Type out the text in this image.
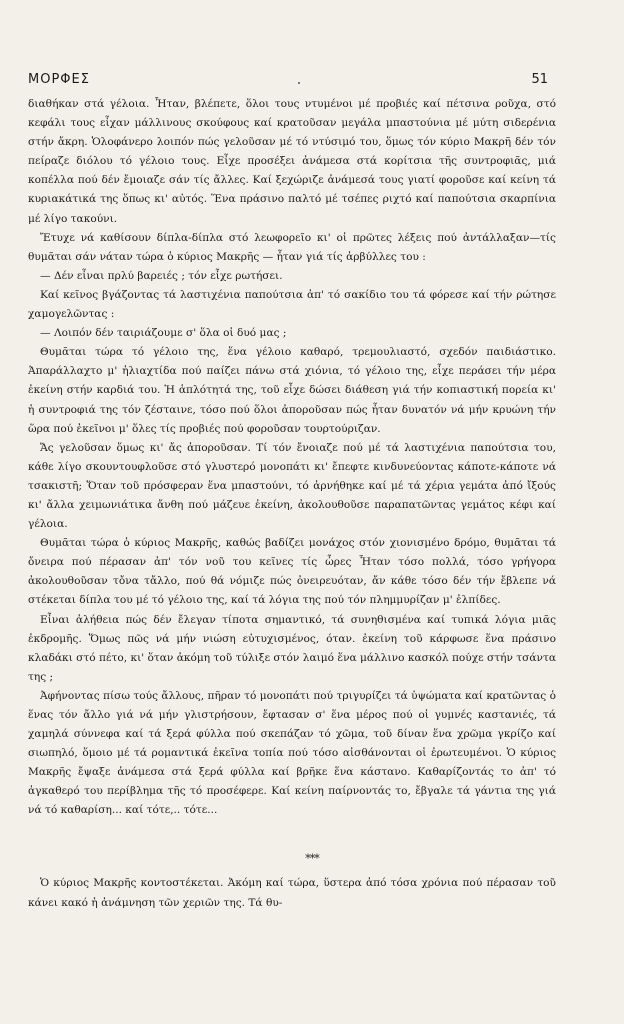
ΜΟΡΦΕΣ	51

διαθήκαν στά γέλοια. Ἦταν, βλέπετε, ὅλοι τους ντυμένοι μέ προβιές καί πέτσινα ροῦχα, στό κεφάλι τους εἶχαν μάλλινους σκούφους καί κρατοῦσαν μεγάλα μπαστούνια μέ μύτη σιδερένια στήν ἄκρη. Ὁλοφάνερο λοιπόν πώς γελοῦσαν μέ τό ντύσιμό του, ὅμως τόν κύριο Μακρῆ δέν τόν πείραζε διόλου τό γέλοιο τους. Εἶχε προσέξει ἀνάμεσα στά κορίτσια τῆς συντροφιᾶς, μιά κοπέλλα πού δέν ἔμοιαζε σάν τίς ἄλλες. Καί ξεχώριζε ἀνάμεσά τους γιατί φοροῦσε καί κείνη τά κυριακάτικά της ὅπως κι' αὐτός. Ἕνα πράσινο παλτό μέ τσέπες ριχτό καί παπούτσια σκαρπίνια μέ λίγο τακούνι.

Ἔτυχε νά καθίσουν δίπλα-δίπλα στό λεωφορεῖο κι' οἱ πρῶτες λέξεις πού ἀντάλλαξαν—τίς θυμᾶται σάν νάταν τώρα ὁ κύριος Μακρῆς — ἦταν γιά τίς ἀρβύλλες του :

— Δέν εἶναι πρλύ βαρειές ; τόν εἶχε ρωτήσει.

Καί κεῖνος βγάζοντας τά λαστιχένια παπούτσια ἀπ' τό σακίδιο του τά φόρεσε καί τήν ρώτησε χαμογελῶντας :

— Λοιπόν δέν ταιριάζουμε σ' ὅλα οἱ δυό μας ;

Θυμᾶται τώρα τό γέλοιο της, ἕνα γέλοιο καθαρό, τρεμουλιαστό, σχεδόν παιδιάστικο. Ἀπαράλλαχτο μ' ἡλιαχτίδα πού παίζει πάνω στά χιόνια, τό γέλοιο της, εἶχε περάσει τήν μέρα ἐκείνη στήν καρδιά του. Ἡ ἁπλότητά της, τοῦ εἶχε δώσει διάθεση γιά τήν κοπιαστική πορεία κι' ἡ συντροφιά της τόν ζέσταινε, τόσο πού ὅλοι ἀποροῦσαν πώς ἦταν δυνατόν νά μήν κρυώνη τήν ὥρα πού ἐκεῖνοι μ' ὅλες τίς προβιές πού φοροῦσαν τουρτούριζαν.

Ἄς γελοῦσαν ὅμως κι' ἄς ἀποροῦσαν. Τί τόν ἔνοιαζε πού μέ τά λαστιχένια παπούτσια του, κάθε λίγο σκουντουφλοῦσε στό γλυστερό μονοπάτι κι' ἔπεφτε κινδυνεύοντας κάποτε-κάποτε νά τσακιστῆ; Ὅταν τοῦ πρόσφεραν ἕνα μπαστούνι, τό ἀρνήθηκε καί μέ τά χέρια γεμάτα ἀπό ἴξούς κι' ἄλλα χειμωνιάτικα ἄνθη πού μάζευε ἐκείνη, ἀκολουθοῦσε παραπατῶντας γεμάτος κέφι καί γέλοια.

Θυμᾶται τώρα ὁ κύριος Μακρῆς, καθώς βαδίζει μονάχος στόν χιονισμένο δρόμο, θυμᾶται τά ὄνειρα πού πέρασαν ἀπ' τόν νοῦ του κεῖνες τίς ὧρες Ἦταν τόσο πολλά, τόσο γρήγορα ἀκολουθοῦσαν τὄνα τἄλλο, πού θά νόμιζε πώς ὀνειρευόταν, ἄν κάθε τόσο δέν τήν ἔβλεπε νά στέκεται δίπλα του μέ τό γέλοιο της, καί τά λόγια της πού τόν πλημμυρίζαν μ' ἐλπίδες.

Εἶναι ἀλήθεια πώς δέν ἔλεγαν τίποτα σημαντικό, τά συνηθισμένα καί τυπικά λόγια μιᾶς ἐκδρομῆς. Ὅμως πῶς νά μήν νιώση εὐτυχισμένος, όταν. ἐκείνη τοῦ κάρφωσε ἕνα πράσινο κλαδάκι στό πέτο, κι' ὅταν ἀκόμη τοῦ τύλιξε στόν λαιμό ἕνα μάλλινο κασκόλ πούχε στήν τσάντα της ;

Ἀφήνοντας πίσω τούς ἄλλους, πῆραν τό μονοπάτι πού τριγυρίζει τά ὑψώματα καί κρατῶντας ὁ ἕνας τόν ἄλλο γιά νά μήν γλιστρήσουν, ἔφτασαν σ' ἕνα μέρος πού οἱ γυμνές καστανιές, τά χαμηλά σύννεφα καί τά ξερά φύλλα πού σκεπάζαν τό χῶμα, τοῦ δίναν ἕνα χρῶμα γκρίζο καί σιωπηλό, ὅμοιο μέ τά ρομαντικά ἐκεῖνα τοπία πού τόσο αἰσθάνονται οἱ ἐρωτευμένοι. Ὁ κύριος Μακρῆς ἔψαξε ἀνάμεσα στά ξερά φύλλα καί βρῆκε ἕνα κάστανο. Καθαρίζοντάς το ἀπ' τό ἀγκαθερό του περίβλημα τῆς τό προσέφερε. Καί κείνη παίρνοντάς το, ἔβγαλε τά γάντια της γιά νά τό καθαρίση... καί τότε,.. τότε...

***

Ὁ κύριος Μακρῆς κοντοστέκεται. Ἀκόμη καί τώρα, ὕστερα ἀπό τόσα χρόνια πού πέρασαν τοῦ κάνει κακό ἡ ἀνάμνηση τῶν χεριῶν της. Τά θυ-
